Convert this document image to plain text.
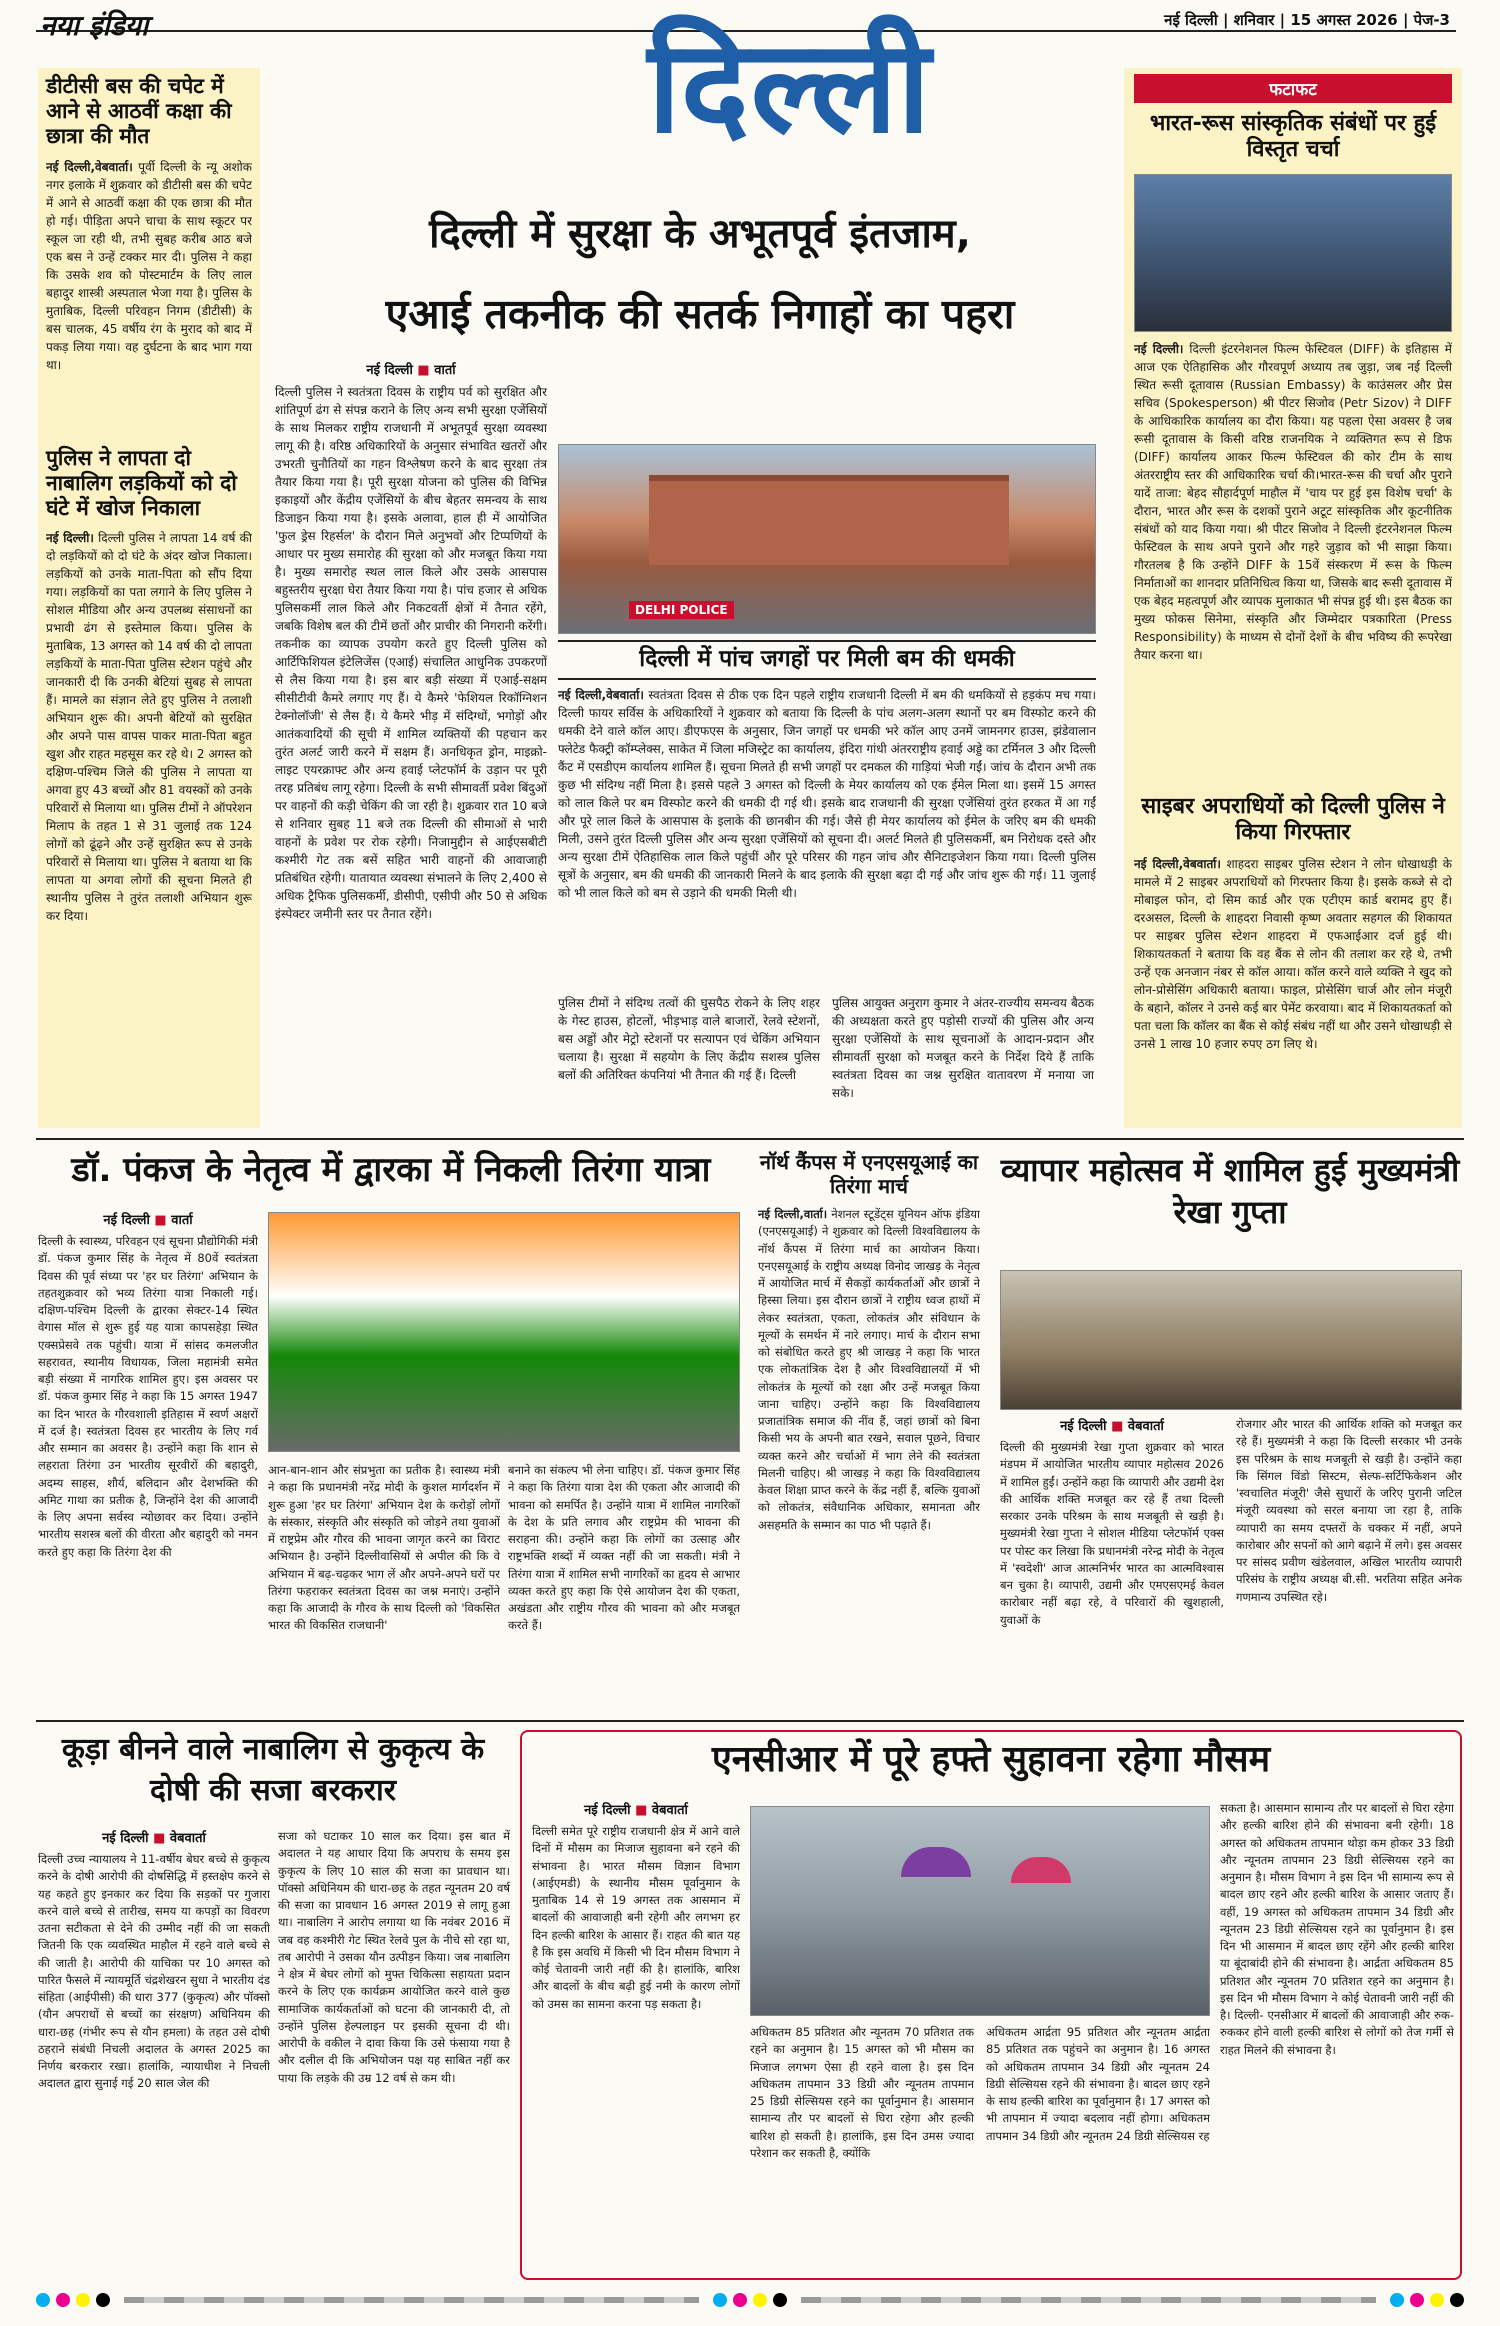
नया इंडिया	नई दिल्ली | शनिवार | 15 अगस्त 2026 | पेज-3
दिल्ली
डीटीसी बस की चपेट में आने से आठवीं कक्षा की छात्रा की मौत
नई दिल्ली,वेबवार्ता। पूर्वी दिल्ली के न्यू अशोक नगर इलाके में शुक्रवार को डीटीसी बस की चपेट में आने से आठवीं कक्षा की एक छात्रा की मौत हो गई। पीड़िता अपने चाचा के साथ स्कूटर पर स्कूल जा रही थी, तभी सुबह करीब आठ बजे एक बस ने उन्हें टक्कर मार दी। पुलिस ने कहा कि उसके शव को पोस्टमार्टम के लिए लाल बहादुर शास्त्री अस्पताल भेजा गया है। पुलिस के मुताबिक, दिल्ली परिवहन निगम (डीटीसी) के बस चालक, 45 वर्षीय रंग के मुराद को बाद में पकड़ लिया गया। वह दुर्घटना के बाद भाग गया था।
पुलिस ने लापता दो नाबालिग लड़कियों को दो घंटे में खोज निकाला
नई दिल्ली। दिल्ली पुलिस ने लापता 14 वर्ष की दो लड़कियों को दो घंटे के अंदर खोज निकाला। लड़कियों को उनके माता-पिता को सौंप दिया गया। लड़कियों का पता लगाने के लिए पुलिस ने सोशल मीडिया और अन्य उपलब्ध संसाधनों का प्रभावी ढंग से इस्तेमाल किया। पुलिस के मुताबिक, 13 अगस्त को 14 वर्ष की दो लापता लड़कियों के माता-पिता पुलिस स्टेशन पहुंचे और जानकारी दी कि उनकी बेटियां सुबह से लापता हैं। मामले का संज्ञान लेते हुए पुलिस ने तलाशी अभियान शुरू की। अपनी बेटियों को सुरक्षित और अपने पास वापस पाकर माता-पिता बहुत खुश और राहत महसूस कर रहे थे। 2 अगस्त को दक्षिण-पश्चिम जिले की पुलिस ने लापता या अगवा हुए 43 बच्चों और 81 वयस्कों को उनके परिवारों से मिलाया था। पुलिस टीमों ने ऑपरेशन मिलाप के तहत 1 से 31 जुलाई तक 124 लोगों को ढूंढ़ने और उन्हें सुरक्षित रूप से उनके परिवारों से मिलाया था। पुलिस ने बताया था कि लापता या अगवा लोगों की सूचना मिलते ही स्थानीय पुलिस ने तुरंत तलाशी अभियान शुरू कर दिया।
दिल्ली में सुरक्षा के अभूतपूर्व इंतजाम,
एआई तकनीक की सतर्क निगाहों का पहरा
नई दिल्ली ■ वार्ता
दिल्ली पुलिस ने स्वतंत्रता दिवस के राष्ट्रीय पर्व को सुरक्षित और शांतिपूर्ण ढंग से संपन्न कराने के लिए अन्य सभी सुरक्षा एजेंसियों के साथ मिलकर राष्ट्रीय राजधानी में अभूतपूर्व सुरक्षा व्यवस्था लागू की है। वरिष्ठ अधिकारियों के अनुसार संभावित खतरों और उभरती चुनौतियों का गहन विश्लेषण करने के बाद सुरक्षा तंत्र तैयार किया गया है। पूरी सुरक्षा योजना को पुलिस की विभिन्न इकाइयों और केंद्रीय एजेंसियों के बीच बेहतर समन्वय के साथ डिजाइन किया गया है। इसके अलावा, हाल ही में आयोजित 'फुल ड्रेस रिहर्सल' के दौरान मिले अनुभवों और टिप्पणियों के आधार पर मुख्य समारोह की सुरक्षा को और मजबूत किया गया है। मुख्य समारोह स्थल लाल किले और उसके आसपास बहुस्तरीय सुरक्षा घेरा तैयार किया गया है। पांच हजार से अधिक पुलिसकर्मी लाल किले और निकटवर्ती क्षेत्रों में तैनात रहेंगे, जबकि विशेष बल की टीमें छतों और प्राचीर की निगरानी करेंगी। तकनीक का व्यापक उपयोग करते हुए दिल्ली पुलिस को आर्टिफिशियल इंटेलिजेंस (एआई) संचालित आधुनिक उपकरणों से लैस किया गया है। इस बार बड़ी संख्या में एआई-सक्षम सीसीटीवी कैमरे लगाए गए हैं। ये कैमरे 'फेशियल रिकॉग्निशन टेक्नोलॉजी' से लैस हैं। ये कैमरे भीड़ में संदिग्धों, भगोड़ों और आतंकवादियों की सूची में शामिल व्यक्तियों की पहचान कर तुरंत अलर्ट जारी करने में सक्षम हैं। अनधिकृत ड्रोन, माइक्रो-लाइट एयरक्राफ्ट और अन्य हवाई प्लेटफॉर्म के उड़ान पर पूरी तरह प्रतिबंध लागू रहेगा। दिल्ली के सभी सीमावर्ती प्रवेश बिंदुओं पर वाहनों की कड़ी चेकिंग की जा रही है। शुक्रवार रात 10 बजे से शनिवार सुबह 11 बजे तक दिल्ली की सीमाओं से भारी वाहनों के प्रवेश पर रोक रहेगी। निजामुद्दीन से आईएसबीटी कश्मीरी गेट तक बसें सहित भारी वाहनों की आवाजाही प्रतिबंधित रहेगी। यातायात व्यवस्था संभालने के लिए 2,400 से अधिक ट्रैफिक पुलिसकर्मी, डीसीपी, एसीपी और 50 से अधिक इंस्पेक्टर जमीनी स्तर पर तैनात रहेंगे।
DELHI POLICE
दिल्ली में पांच जगहों पर मिली बम की धमकी
नई दिल्ली,वेबवार्ता। स्वतंत्रता दिवस से ठीक एक दिन पहले राष्ट्रीय राजधानी दिल्ली में बम की धमकियों से हड़कंप मच गया। दिल्ली फायर सर्विस के अधिकारियों ने शुक्रवार को बताया कि दिल्ली के पांच अलग-अलग स्थानों पर बम विस्फोट करने की धमकी देने वाले कॉल आए। डीएफएस के अनुसार, जिन जगहों पर धमकी भरे कॉल आए उनमें जामनगर हाउस, झंडेवालान फ्लेटेड फैक्ट्री कॉम्प्लेक्स, साकेत में जिला मजिस्ट्रेट का कार्यालय, इंदिरा गांधी अंतरराष्ट्रीय हवाई अड्डे का टर्मिनल 3 और दिल्ली कैंट में एसडीएम कार्यालय शामिल हैं। सूचना मिलते ही सभी जगहों पर दमकल की गाड़ियां भेजी गईं। जांच के दौरान अभी तक कुछ भी संदिग्ध नहीं मिला है। इससे पहले 3 अगस्त को दिल्ली के मेयर कार्यालय को एक ईमेल मिला था। इसमें 15 अगस्त को लाल किले पर बम विस्फोट करने की धमकी दी गई थी। इसके बाद राजधानी की सुरक्षा एजेंसियां तुरंत हरकत में आ गईं और पूरे लाल किले के आसपास के इलाके की छानबीन की गई। जैसे ही मेयर कार्यालय को ईमेल के जरिए बम की धमकी मिली, उसने तुरंत दिल्ली पुलिस और अन्य सुरक्षा एजेंसियों को सूचना दी। अलर्ट मिलते ही पुलिसकर्मी, बम निरोधक दस्ते और अन्य सुरक्षा टीमें ऐतिहासिक लाल किले पहुंचीं और पूरे परिसर की गहन जांच और सैनिटाइजेशन किया गया। दिल्ली पुलिस सूत्रों के अनुसार, बम की धमकी की जानकारी मिलने के बाद इलाके की सुरक्षा बढ़ा दी गई और जांच शुरू की गई। 11 जुलाई को भी लाल किले को बम से उड़ाने की धमकी मिली थी।
पुलिस टीमों ने संदिग्ध तत्वों की घुसपैठ रोकने के लिए शहर के गेस्ट हाउस, होटलों, भीड़भाड़ वाले बाजारों, रेलवे स्टेशनों, बस अड्डों और मेट्रो स्टेशनों पर सत्यापन एवं चेकिंग अभियान चलाया है। सुरक्षा में सहयोग के लिए केंद्रीय सशस्त्र पुलिस बलों की अतिरिक्त कंपनियां भी तैनात की गई हैं। दिल्ली
पुलिस आयुक्त अनुराग कुमार ने अंतर-राज्यीय समन्वय बैठक की अध्यक्षता करते हुए पड़ोसी राज्यों की पुलिस और अन्य सुरक्षा एजेंसियों के साथ सूचनाओं के आदान-प्रदान और सीमावर्ती सुरक्षा को मजबूत करने के निर्देश दिये हैं ताकि स्वतंत्रता दिवस का जश्न सुरक्षित वातावरण में मनाया जा सके।
फटाफट
भारत-रूस सांस्कृतिक संबंधों पर हुई विस्तृत चर्चा
नई दिल्ली। दिल्ली इंटरनेशनल फिल्म फेस्टिवल (DIFF) के इतिहास में आज एक ऐतिहासिक और गौरवपूर्ण अध्याय तब जुड़ा, जब नई दिल्ली स्थित रूसी दूतावास (Russian Embassy) के काउंसलर और प्रेस सचिव (Spokesperson) श्री पीटर सिजोव (Petr Sizov) ने DIFF के आधिकारिक कार्यालय का दौरा किया। यह पहला ऐसा अवसर है जब रूसी दूतावास के किसी वरिष्ठ राजनयिक ने व्यक्तिगत रूप से डिफ (DIFF) कार्यालय आकर फिल्म फेस्टिवल की कोर टीम के साथ अंतरराष्ट्रीय स्तर की आधिकारिक चर्चा की।भारत-रूस की चर्चा और पुराने यादें ताजा: बेहद सौहार्दपूर्ण माहौल में 'चाय पर हुई इस विशेष चर्चा' के दौरान, भारत और रूस के दशकों पुराने अटूट सांस्कृतिक और कूटनीतिक संबंधों को याद किया गया। श्री पीटर सिजोव ने दिल्ली इंटरनेशनल फिल्म फेस्टिवल के साथ अपने पुराने और गहरे जुड़ाव को भी साझा किया। गौरतलब है कि उन्होंने DIFF के 15वें संस्करण में रूस के फिल्म निर्माताओं का शानदार प्रतिनिधित्व किया था, जिसके बाद रूसी दूतावास में एक बेहद महत्वपूर्ण और व्यापक मुलाकात भी संपन्न हुई थी। इस बैठक का मुख्य फोकस सिनेमा, संस्कृति और जिम्मेदार पत्रकारिता (Press Responsibility) के माध्यम से दोनों देशों के बीच भविष्य की रूपरेखा तैयार करना था।
साइबर अपराधियों को दिल्ली पुलिस ने किया गिरफ्तार
नई दिल्ली,वेबवार्ता। शाहदरा साइबर पुलिस स्टेशन ने लोन धोखाधड़ी के मामले में 2 साइबर अपराधियों को गिरफ्तार किया है। इसके कब्जे से दो मोबाइल फोन, दो सिम कार्ड और एक एटीएम कार्ड बरामद हुए हैं। दरअसल, दिल्ली के शाहदरा निवासी कृष्ण अवतार सहगल की शिकायत पर साइबर पुलिस स्टेशन शाहदरा में एफआईआर दर्ज हुई थी। शिकायतकर्ता ने बताया कि वह बैंक से लोन की तलाश कर रहे थे, तभी उन्हें एक अनजान नंबर से कॉल आया। कॉल करने वाले व्यक्ति ने खुद को लोन-प्रोसेसिंग अधिकारी बताया। फाइल, प्रोसेसिंग चार्ज और लोन मंजूरी के बहाने, कॉलर ने उनसे कई बार पेमेंट करवाया। बाद में शिकायतकर्ता को पता चला कि कॉलर का बैंक से कोई संबंध नहीं था और उसने धोखाधड़ी से उनसे 1 लाख 10 हजार रुपए ठग लिए थे।
डॉ. पंकज के नेतृत्व में द्वारका में निकली तिरंगा यात्रा
नई दिल्ली ■ वार्ता
दिल्ली के स्वास्थ्य, परिवहन एवं सूचना प्रौद्योगिकी मंत्री डॉ. पंकज कुमार सिंह के नेतृत्व में 80वें स्वतंत्रता दिवस की पूर्व संध्या पर 'हर घर तिरंगा' अभियान के तहतशुक्रवार को भव्य तिरंगा यात्रा निकाली गई। दक्षिण-पश्चिम दिल्ली के द्वारका सेक्टर-14 स्थित वेगास मॉल से शुरू हुई यह यात्रा कापसहेड़ा स्थित एक्सप्रेसवे तक पहुंची। यात्रा में सांसद कमलजीत सहरावत, स्थानीय विधायक, जिला महामंत्री समेत बड़ी संख्या में नागरिक शामिल हुए। इस अवसर पर डॉ. पंकज कुमार सिंह ने कहा कि 15 अगस्त 1947 का दिन भारत के गौरवशाली इतिहास में स्वर्ण अक्षरों में दर्ज है। स्वतंत्रता दिवस हर भारतीय के लिए गर्व और सम्मान का अवसर है। उन्होंने कहा कि शान से लहराता तिरंगा उन भारतीय सूरवीरों की बहादुरी, अदम्य साहस, शौर्य, बलिदान और देशभक्ति की अमिट गाथा का प्रतीक है, जिन्होंने देश की आजादी के लिए अपना सर्वस्व न्योछावर कर दिया। उन्होंने भारतीय सशस्त्र बलों की वीरता और बहादुरी को नमन करते हुए कहा कि तिरंगा देश की
आन-बान-शान और संप्रभुता का प्रतीक है। स्वास्थ्य मंत्री ने कहा कि प्रधानमंत्री नरेंद्र मोदी के कुशल मार्गदर्शन में शुरू हुआ 'हर घर तिरंगा' अभियान देश के करोड़ों लोगों के संस्कार, संस्कृति और संस्कृति को जोड़ने तथा युवाओं में राष्ट्रप्रेम और गौरव की भावना जागृत करने का विराट अभियान है। उन्होंने दिल्लीवासियों से अपील की कि वे अभियान में बढ़-चढ़कर भाग लें और अपने-अपने घरों पर तिरंगा फहराकर स्वतंत्रता दिवस का जश्न मनाएं। उन्होंने कहा कि आजादी के गौरव के साथ दिल्ली को 'विकसित भारत की विकसित राजधानी'
बनाने का संकल्प भी लेना चाहिए। डॉ. पंकज कुमार सिंह ने कहा कि तिरंगा यात्रा देश की एकता और आजादी की भावना को समर्पित है। उन्होंने यात्रा में शामिल नागरिकों के देश के प्रति लगाव और राष्ट्रप्रेम की भावना की सराहना की। उन्होंने कहा कि लोगों का उत्साह और राष्ट्रभक्ति शब्दों में व्यक्त नहीं की जा सकती। मंत्री ने तिरंगा यात्रा में शामिल सभी नागरिकों का हृदय से आभार व्यक्त करते हुए कहा कि ऐसे आयोजन देश की एकता, अखंडता और राष्ट्रीय गौरव की भावना को और मजबूत करते हैं।
नॉर्थ कैंपस में एनएसयूआई का तिरंगा मार्च
नई दिल्ली,वार्ता। नेशनल स्टूडेंट्स यूनियन ऑफ इंडिया (एनएसयूआई) ने शुक्रवार को दिल्ली विश्वविद्यालय के नॉर्थ कैंपस में तिरंगा मार्च का आयोजन किया। एनएसयूआई के राष्ट्रीय अध्यक्ष विनोद जाखड़ के नेतृत्व में आयोजित मार्च में सैकड़ों कार्यकर्ताओं और छात्रों ने हिस्सा लिया। इस दौरान छात्रों ने राष्ट्रीय ध्वज हाथों में लेकर स्वतंत्रता, एकता, लोकतंत्र और संविधान के मूल्यों के समर्थन में नारे लगाए। मार्च के दौरान सभा को संबोधित करते हुए श्री जाखड़ ने कहा कि भारत एक लोकतांत्रिक देश है और विश्वविद्यालयों में भी लोकतंत्र के मूल्यों को रक्षा और उन्हें मजबूत किया जाना चाहिए। उन्होंने कहा कि विश्वविद्यालय प्रजातांत्रिक समाज की नींव हैं, जहां छात्रों को बिना किसी भय के अपनी बात रखने, सवाल पूछने, विचार व्यक्त करने और चर्चाओं में भाग लेने की स्वतंत्रता मिलनी चाहिए। श्री जाखड़ ने कहा कि विश्वविद्यालय केवल शिक्षा प्राप्त करने के केंद्र नहीं हैं, बल्कि युवाओं को लोकतंत्र, संवैधानिक अधिकार, समानता और असहमति के सम्मान का पाठ भी पढ़ाते हैं।
व्यापार महोत्सव में शामिल हुई मुख्यमंत्री रेखा गुप्ता
नई दिल्ली ■ वेबवार्ता
दिल्ली की मुख्यमंत्री रेखा गुप्ता शुक्रवार को भारत मंडपम में आयोजित भारतीय व्यापार महोत्सव 2026 में शामिल हुईं। उन्होंने कहा कि व्यापारी और उद्यमी देश की आर्थिक शक्ति मजबूत कर रहे हैं तथा दिल्ली सरकार उनके परिश्रम के साथ मजबूती से खड़ी है। मुख्यमंत्री रेखा गुप्ता ने सोशल मीडिया प्लेटफॉर्म एक्स पर पोस्ट कर लिखा कि प्रधानमंत्री नरेन्द्र मोदी के नेतृत्व में 'स्वदेशी' आज आत्मनिर्भर भारत का आत्मविश्वास बन चुका है। व्यापारी, उद्यमी और एमएसएमई केवल कारोबार नहीं बढ़ा रहे, वे परिवारों की खुशहाली, युवाओं के
रोजगार और भारत की आर्थिक शक्ति को मजबूत कर रहे हैं। मुख्यमंत्री ने कहा कि दिल्ली सरकार भी उनके इस परिश्रम के साथ मजबूती से खड़ी है। उन्होंने कहा कि सिंगल विंडो सिस्टम, सेल्फ-सर्टिफिकेशन और 'स्वचालित मंजूरी' जैसे सुधारों के जरिए पुरानी जटिल मंजूरी व्यवस्था को सरल बनाया जा रहा है, ताकि व्यापारी का समय दफ्तरों के चक्कर में नहीं, अपने कारोबार और सपनों को आगे बढ़ाने में लगे। इस अवसर पर सांसद प्रवीण खंडेलवाल, अखिल भारतीय व्यापारी परिसंघ के राष्ट्रीय अध्यक्ष बी.सी. भरतिया सहित अनेक गणमान्य उपस्थित रहे।
कूड़ा बीनने वाले नाबालिग से कुकृत्य के दोषी की सजा बरकरार
नई दिल्ली ■ वेबवार्ता
दिल्ली उच्च न्यायालय ने 11-वर्षीय बेघर बच्चे से कुकृत्य करने के दोषी आरोपी की दोषसिद्धि में हस्तक्षेप करने से यह कहते हुए इनकार कर दिया कि सड़कों पर गुजारा करने वाले बच्चे से तारीख, समय या कपड़ों का विवरण उतना सटीकता से देने की उम्मीद नहीं की जा सकती जितनी कि एक व्यवस्थित माहौल में रहने वाले बच्चे से की जाती है। आरोपी की याचिका पर 10 अगस्त को पारित फैसले में न्यायमूर्ति चंद्रशेखरन सुधा ने भारतीय दंड संहिता (आईपीसी) की धारा 377 (कुकृत्य) और पॉक्सो (यौन अपराधों से बच्चों का संरक्षण) अधिनियम की धारा-छह (गंभीर रूप से यौन हमला) के तहत उसे दोषी ठहराने संबंधी निचली अदालत के अगस्त 2025 का निर्णय बरकरार रखा। हालांकि, न्यायाधीश ने निचली अदालत द्वारा सुनाई गई 20 साल जेल की
सजा को घटाकर 10 साल कर दिया। इस बात में अदालत ने यह आधार दिया कि अपराध के समय इस कुकृत्य के लिए 10 साल की सजा का प्रावधान था। पॉक्सो अधिनियम की धारा-छह के तहत न्यूनतम 20 वर्ष की सजा का प्रावधान 16 अगस्त 2019 से लागू हुआ था। नाबालिग ने आरोप लगाया था कि नवंबर 2016 में जब वह कश्मीरी गेट स्थित रेलवे पुल के नीचे सो रहा था, तब आरोपी ने उसका यौन उत्पीड़न किया। जब नाबालिग ने क्षेत्र में बेघर लोगों को मुफ्त चिकित्सा सहायता प्रदान करने के लिए एक कार्यक्रम आयोजित करने वाले कुछ सामाजिक कार्यकर्ताओं को घटना की जानकारी दी, तो उन्होंने पुलिस हेल्पलाइन पर इसकी सूचना दी थी। आरोपी के वकील ने दावा किया कि उसे फंसाया गया है और दलील दी कि अभियोजन पक्ष यह साबित नहीं कर पाया कि लड़के की उम्र 12 वर्ष से कम थी।
एनसीआर में पूरे हफ्ते सुहावना रहेगा मौसम
नई दिल्ली ■ वेबवार्ता
दिल्ली समेत पूरे राष्ट्रीय राजधानी क्षेत्र में आने वाले दिनों में मौसम का मिजाज सुहावना बने रहने की संभावना है। भारत मौसम विज्ञान विभाग (आईएमडी) के स्थानीय मौसम पूर्वानुमान के मुताबिक 14 से 19 अगस्त तक आसमान में बादलों की आवाजाही बनी रहेगी और लगभग हर दिन हल्की बारिश के आसार हैं। राहत की बात यह है कि इस अवधि में किसी भी दिन मौसम विभाग ने कोई चेतावनी जारी नहीं की है। हालांकि, बारिश और बादलों के बीच बढ़ी हुई नमी के कारण लोगों को उमस का सामना करना पड़ सकता है।
अधिकतम 85 प्रतिशत और न्यूनतम 70 प्रतिशत तक रहने का अनुमान है। 15 अगस्त को भी मौसम का मिजाज लगभग ऐसा ही रहने वाला है। इस दिन अधिकतम तापमान 33 डिग्री और न्यूनतम तापमान 25 डिग्री सेल्सियस रहने का पूर्वानुमान है। आसमान सामान्य तौर पर बादलों से घिरा रहेगा और हल्की बारिश हो सकती है। हालांकि, इस दिन उमस ज्यादा परेशान कर सकती है, क्योंकि
अधिकतम आर्द्रता 95 प्रतिशत और न्यूनतम आर्द्रता 85 प्रतिशत तक पहुंचने का अनुमान है। 16 अगस्त को अधिकतम तापमान 34 डिग्री और न्यूनतम 24 डिग्री सेल्सियस रहने की संभावना है। बादल छाए रहने के साथ हल्की बारिश का पूर्वानुमान है। 17 अगस्त को भी तापमान में ज्यादा बदलाव नहीं होगा। अधिकतम तापमान 34 डिग्री और न्यूनतम 24 डिग्री सेल्सियस रह
सकता है। आसमान सामान्य तौर पर बादलों से घिरा रहेगा और हल्की बारिश होने की संभावना बनी रहेगी। 18 अगस्त को अधिकतम तापमान थोड़ा कम होकर 33 डिग्री और न्यूनतम तापमान 23 डिग्री सेल्सियस रहने का अनुमान है। मौसम विभाग ने इस दिन भी सामान्य रूप से बादल छाए रहने और हल्की बारिश के आसार जताए हैं। वहीं, 19 अगस्त को अधिकतम तापमान 34 डिग्री और न्यूनतम 23 डिग्री सेल्सियस रहने का पूर्वानुमान है। इस दिन भी आसमान में बादल छाए रहेंगे और हल्की बारिश या बूंदाबांदी होने की संभावना है। आर्द्रता अधिकतम 85 प्रतिशत और न्यूनतम 70 प्रतिशत रहने का अनुमान है। इस दिन भी मौसम विभाग ने कोई चेतावनी जारी नहीं की है। दिल्ली- एनसीआर में बादलों की आवाजाही और रुक-रुककर होने वाली हल्की बारिश से लोगों को तेज गर्मी से राहत मिलने की संभावना है।
